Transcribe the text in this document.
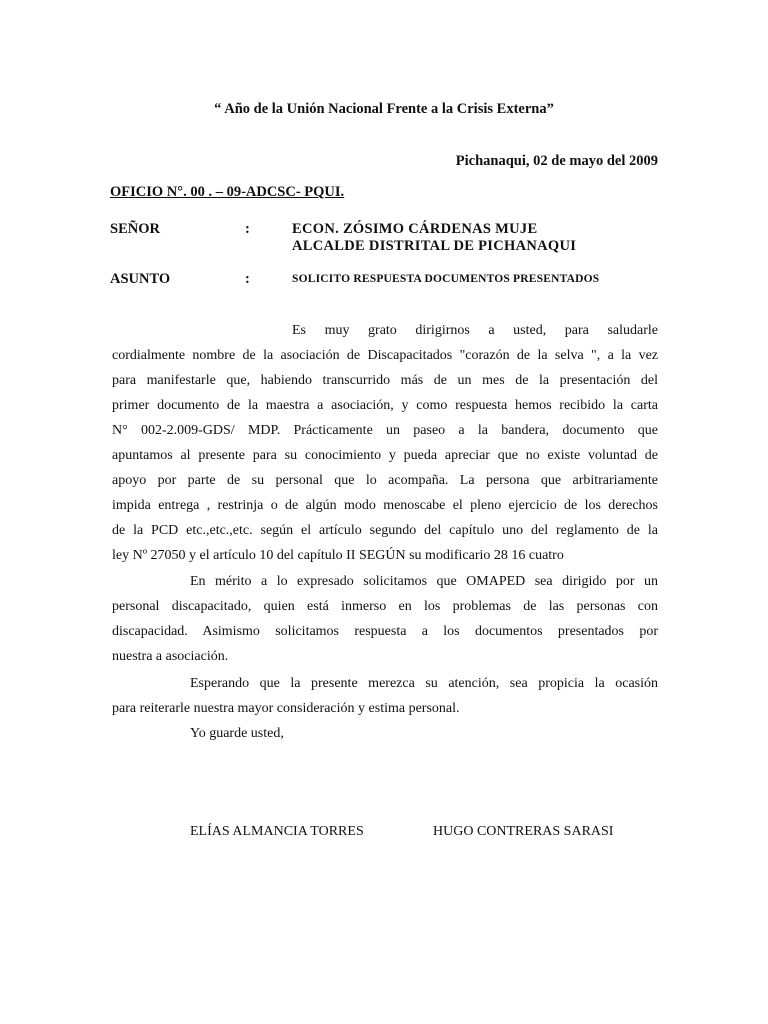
“ Año de la Unión Nacional Frente a la Crisis Externa”
Pichanaqui, 02 de mayo del 2009
OFICIO N°. 00 . – 09-ADCSC- PQUI.
SEÑOR	:	ECON. ZÓSIMO CÁRDENAS MUJE
ALCALDE DISTRITAL DE PICHANAQUI
ASUNTO	:	SOLICITO RESPUESTA DOCUMENTOS PRESENTADOS
Es muy grato dirigirnos a usted, para saludarle
cordialmente nombre de la asociación de Discapacitados "corazón de la selva ", a la vez
para manifestarle que, habiendo transcurrido más de un mes de la presentación del
primer documento de la maestra a asociación, y como respuesta hemos recibido la carta
N° 002-2.009-GDS/ MDP. Prácticamente un paseo a la bandera, documento que
apuntamos al presente para su conocimiento y pueda apreciar que no existe voluntad de
apoyo por parte de su personal que lo acompaña. La persona que arbitrariamente
impida entrega , restrinja o de algún modo menoscabe el pleno ejercicio de los derechos
de la PCD etc.,etc.,etc. según el artículo segundo del capítulo uno del reglamento de la
ley Nº 27050 y el artículo 10 del capítulo II SEGÚN su modificario 28 16 cuatro
En mérito a lo expresado solicitamos que OMAPED sea dirigido por un
personal discapacitado, quien está inmerso en los problemas de las personas con
discapacidad. Asimismo solicitamos respuesta a los documentos presentados por
nuestra a asociación.
Esperando que la presente merezca su atención, sea propicia la ocasión
para reiterarle nuestra mayor consideración y estima personal.
Yo guarde usted,
ELÍAS ALMANCIA TORRES	HUGO CONTRERAS SARASI
